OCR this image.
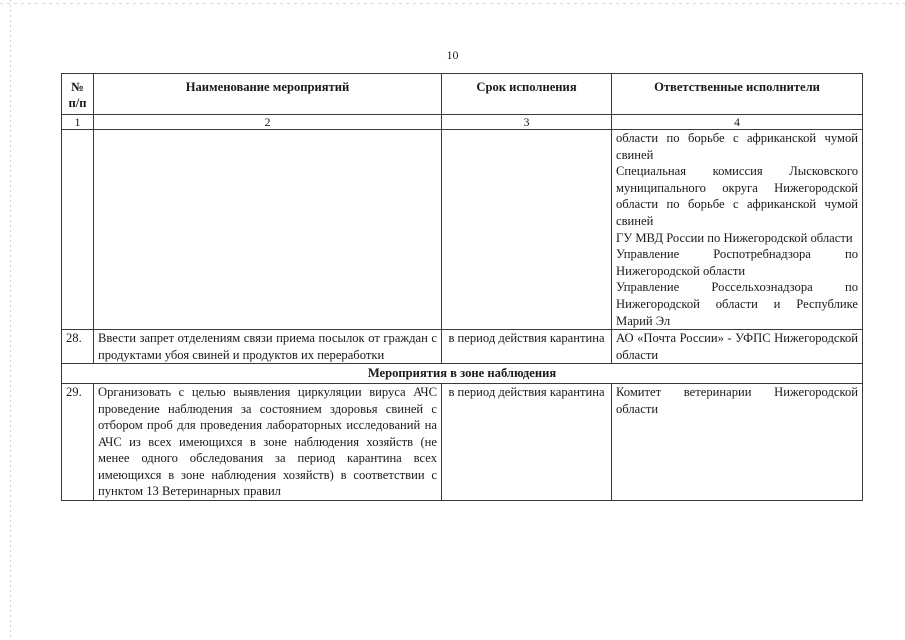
10
№ п/п	Наименование мероприятий	Срок исполнения	Ответственные исполнители
1	2	3	4

			области по борьбе с африканской чумой свиней
Специальная комиссия Лысковского муниципального округа Нижегородской области по борьбе с африканской чумой свиней
ГУ МВД России по Нижегородской области
Управление Роспотребнадзора по Нижегородской области
Управление Россельхознадзора по Нижегородской области и Республике Марий Эл

28.	Ввести запрет отделениям связи приема посылок от граждан с продуктами убоя свиней и продуктов их переработки	в период действия карантина	АО «Почта России» - УФПС Нижегородской области
Мероприятия в зоне наблюдения			
29.	Организовать с целью выявления циркуляции вируса АЧС проведение наблюдения за состоянием здоровья свиней с отбором проб для проведения лабораторных исследований на АЧС из всех имеющихся в зоне наблюдения хозяйств (не менее одного обследования за период карантина всех имеющихся в зоне наблюдения хозяйств) в соответствии с пунктом 13 Ветеринарных правил	в период действия карантина	Комитет ветеринарии Нижегородской области
